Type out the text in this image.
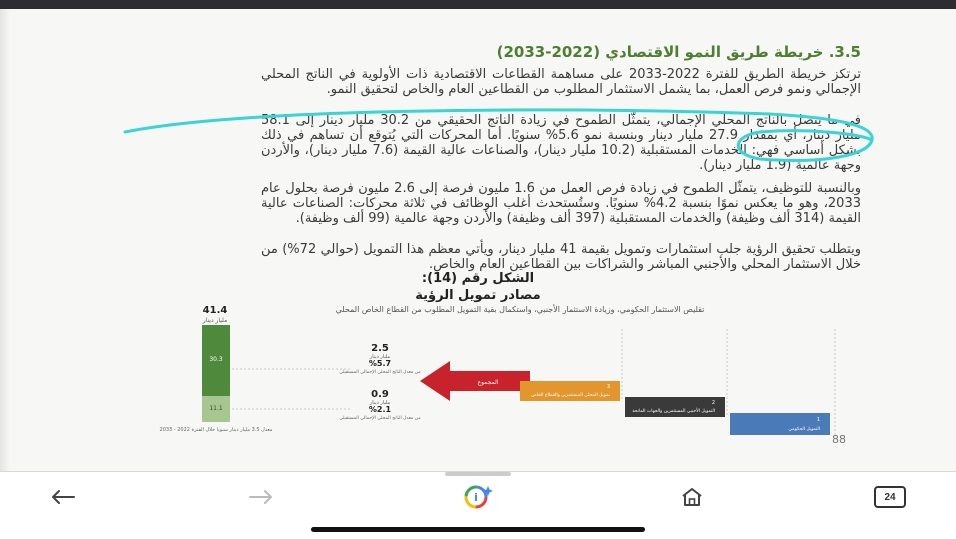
3.5. خريطة طريق النمو الاقتصادي (2022-2033)
ترتكز خريطة الطريق للفترة 2022-2033 على مساهمة القطاعات الاقتصادية ذات الأولوية في الناتج المحلي الإجمالي ونمو فرص العمل، بما يشمل الاستثمار المطلوب من القطاعين العام والخاص لتحقيق النمو.
في ما يتصل بالناتج المحلي الإجمالي، يتمثّل الطموح في زيادة الناتج الحقيقي من 30.2 مليار دينار إلى 58.1 مليار دينار، أي بمقدار 27.9 مليار دينار وبنسبة نمو 5.6% سنويًا. أما المحركات التي يُتوقع أن تساهم في ذلك بشكل أساسي فهي: الخدمات المستقبلية (10.2 مليار دينار)، والصناعات عالية القيمة (7.6 مليار دينار)، والأردن وجهة عالمية (1.9 مليار دينار).
وبالنسبة للتوظيف، يتمثّل الطموح في زيادة فرص العمل من 1.6 مليون فرصة إلى 2.6 مليون فرصة بحلول عام 2033، وهو ما يعكس نموًا بنسبة 4.2% سنويًا. وستُستحدث أغلب الوظائف في ثلاثة محركات: الصناعات عالية القيمة (314 ألف وظيفة) والخدمات المستقبلية (397 ألف وظيفة) والأردن وجهة عالمية (99 ألف وظيفة).
ويتطلب تحقيق الرؤية جلب استثمارات وتمويل بقيمة 41 مليار دينار، ويأتي معظم هذا التمويل (حوالي 72%) من خلال الاستثمار المحلي والأجنبي المباشر والشراكات بين القطاعين العام والخاص.
الشكل رقم (14):
مصادر تمويل الرؤية
تقليص الاستثمار الحكومي، وزيادة الاستثمار الأجنبي، واستكمال بقية التمويل المطلوب من القطاع الخاص المحلي
41.4
مليار دينار
30.3
11.1
معدل 3.5 مليار دينار سنويا خلال الفترة 2022 - 2033
2.5
مليار دينار
%5.7
من معدل الناتج المحلي الإجمالي المستقبلي
0.9
مليار دينار
%2.1
من معدل الناتج المحلي الإجمالي المستقبلي
المجموع
3
تمويل المحلي المستثمرين والقطاع الخاص
2
التمويل الأجنبي المستثمرين والجهات المانحة
1
التمويل الحكومي
88
i	24
